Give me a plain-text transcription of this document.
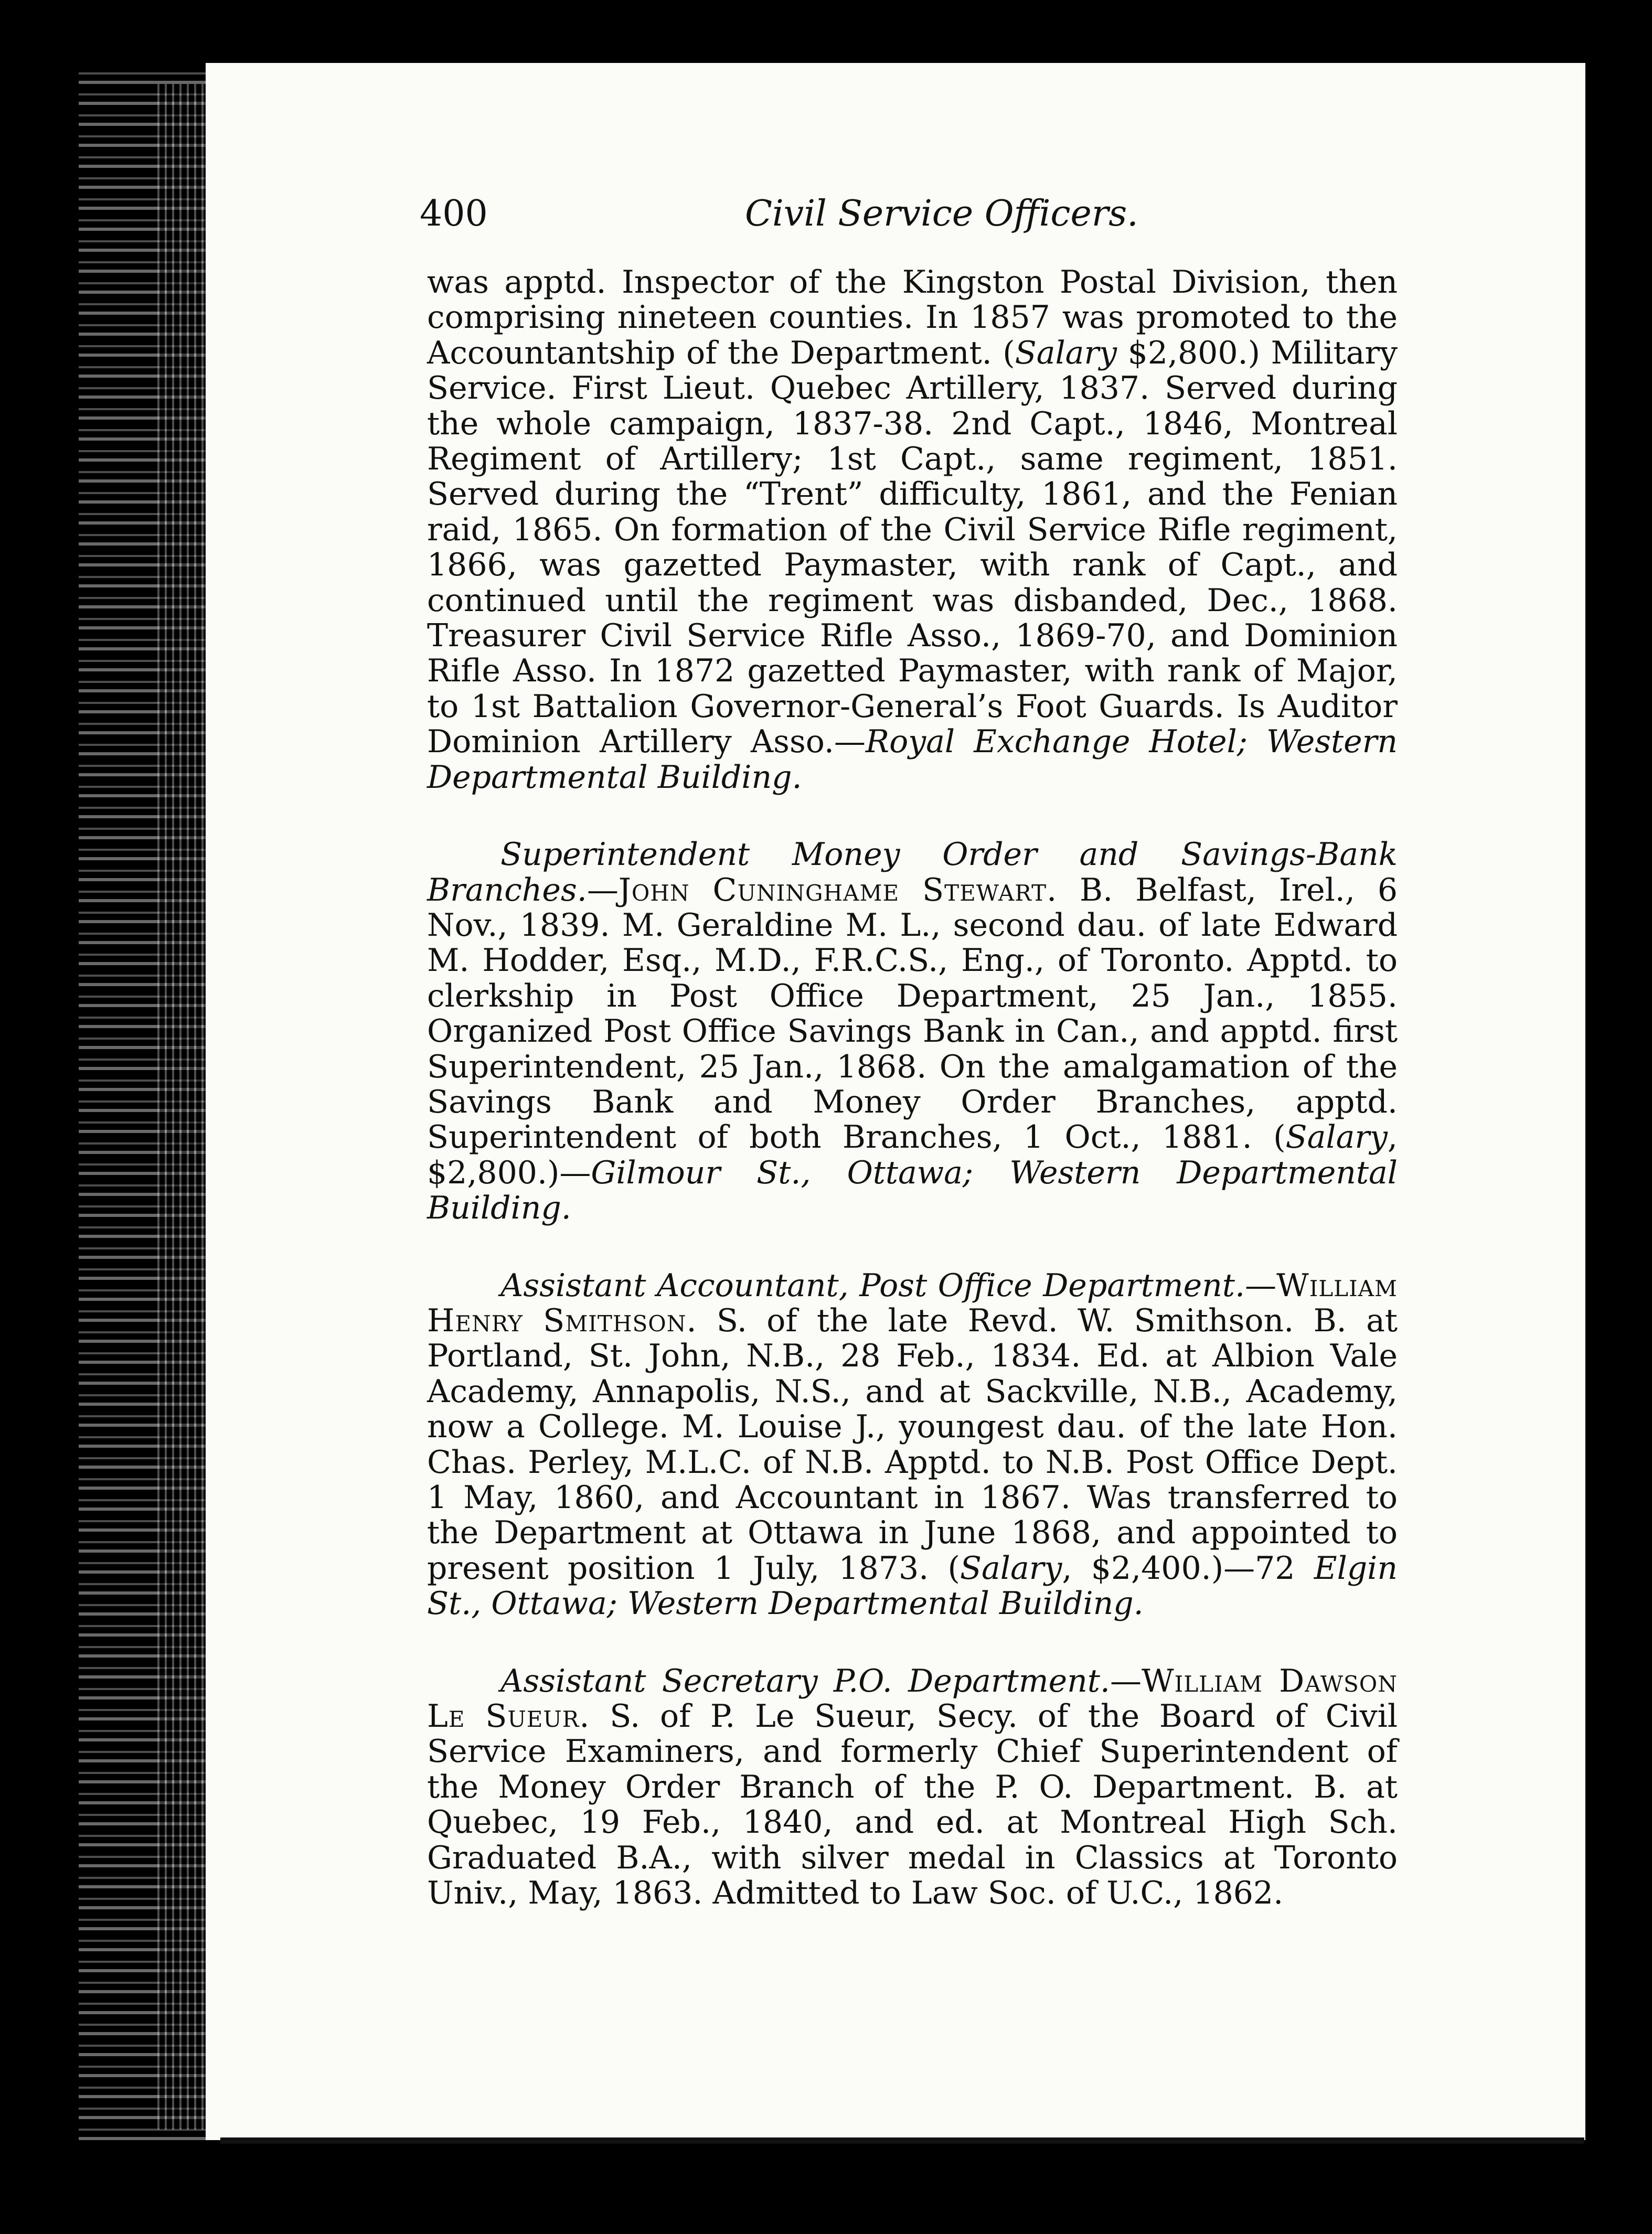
400	Civil Service Officers.

was apptd. Inspector of the Kingston Postal Division, then comprising nineteen counties. In 1857 was promoted to the Accountantship of the Department. (Salary $2,800.) Military Service. First Lieut. Quebec Artillery, 1837. Served during the whole campaign, 1837-38. 2nd Capt., 1846, Montreal Regiment of Artillery; 1st Capt., same regiment, 1851. Served during the “Trent” difficulty, 1861, and the Fenian raid, 1865. On formation of the Civil Service Rifle regiment, 1866, was gazetted Paymaster, with rank of Capt., and continued until the regiment was disbanded, Dec., 1868. Treasurer Civil Service Rifle Asso., 1869-70, and Dominion Rifle Asso. In 1872 gazetted Paymaster, with rank of Major, to 1st Battalion Governor-General’s Foot Guards. Is Auditor Dominion Artillery Asso.—Royal Exchange Hotel; Western Departmental Building.

Superintendent Money Order and Savings-Bank Branches.—John Cuninghame Stewart. B. Belfast, Irel., 6 Nov., 1839. M. Geraldine M. L., second dau. of late Edward M. Hodder, Esq., M.D., F.R.C.S., Eng., of Toronto. Apptd. to clerkship in Post Office Department, 25 Jan., 1855. Organized Post Office Savings Bank in Can., and apptd. first Superintendent, 25 Jan., 1868. On the amalgamation of the Savings Bank and Money Order Branches, apptd. Superintendent of both Branches, 1 Oct., 1881. (Salary, $2,800.)—Gilmour St., Ottawa; Western Departmental Building.

Assistant Accountant, Post Office Department.—William Henry Smithson. S. of the late Revd. W. Smithson. B. at Portland, St. John, N.B., 28 Feb., 1834. Ed. at Albion Vale Academy, Annapolis, N.S., and at Sackville, N.B., Academy, now a College. M. Louise J., youngest dau. of the late Hon. Chas. Perley, M.L.C. of N.B. Apptd. to N.B. Post Office Dept. 1 May, 1860, and Accountant in 1867. Was transferred to the Department at Ottawa in June 1868, and appointed to present position 1 July, 1873. (Salary, $2,400.)—72 Elgin St., Ottawa; Western Departmental Building.

Assistant Secretary P.O. Department.—William Dawson Le Sueur. S. of P. Le Sueur, Secy. of the Board of Civil Service Examiners, and formerly Chief Superintendent of the Money Order Branch of the P. O. Department. B. at Quebec, 19 Feb., 1840, and ed. at Montreal High Sch. Graduated B.A., with silver medal in Classics at Toronto Univ., May, 1863. Admitted to Law Soc. of U.C., 1862.
